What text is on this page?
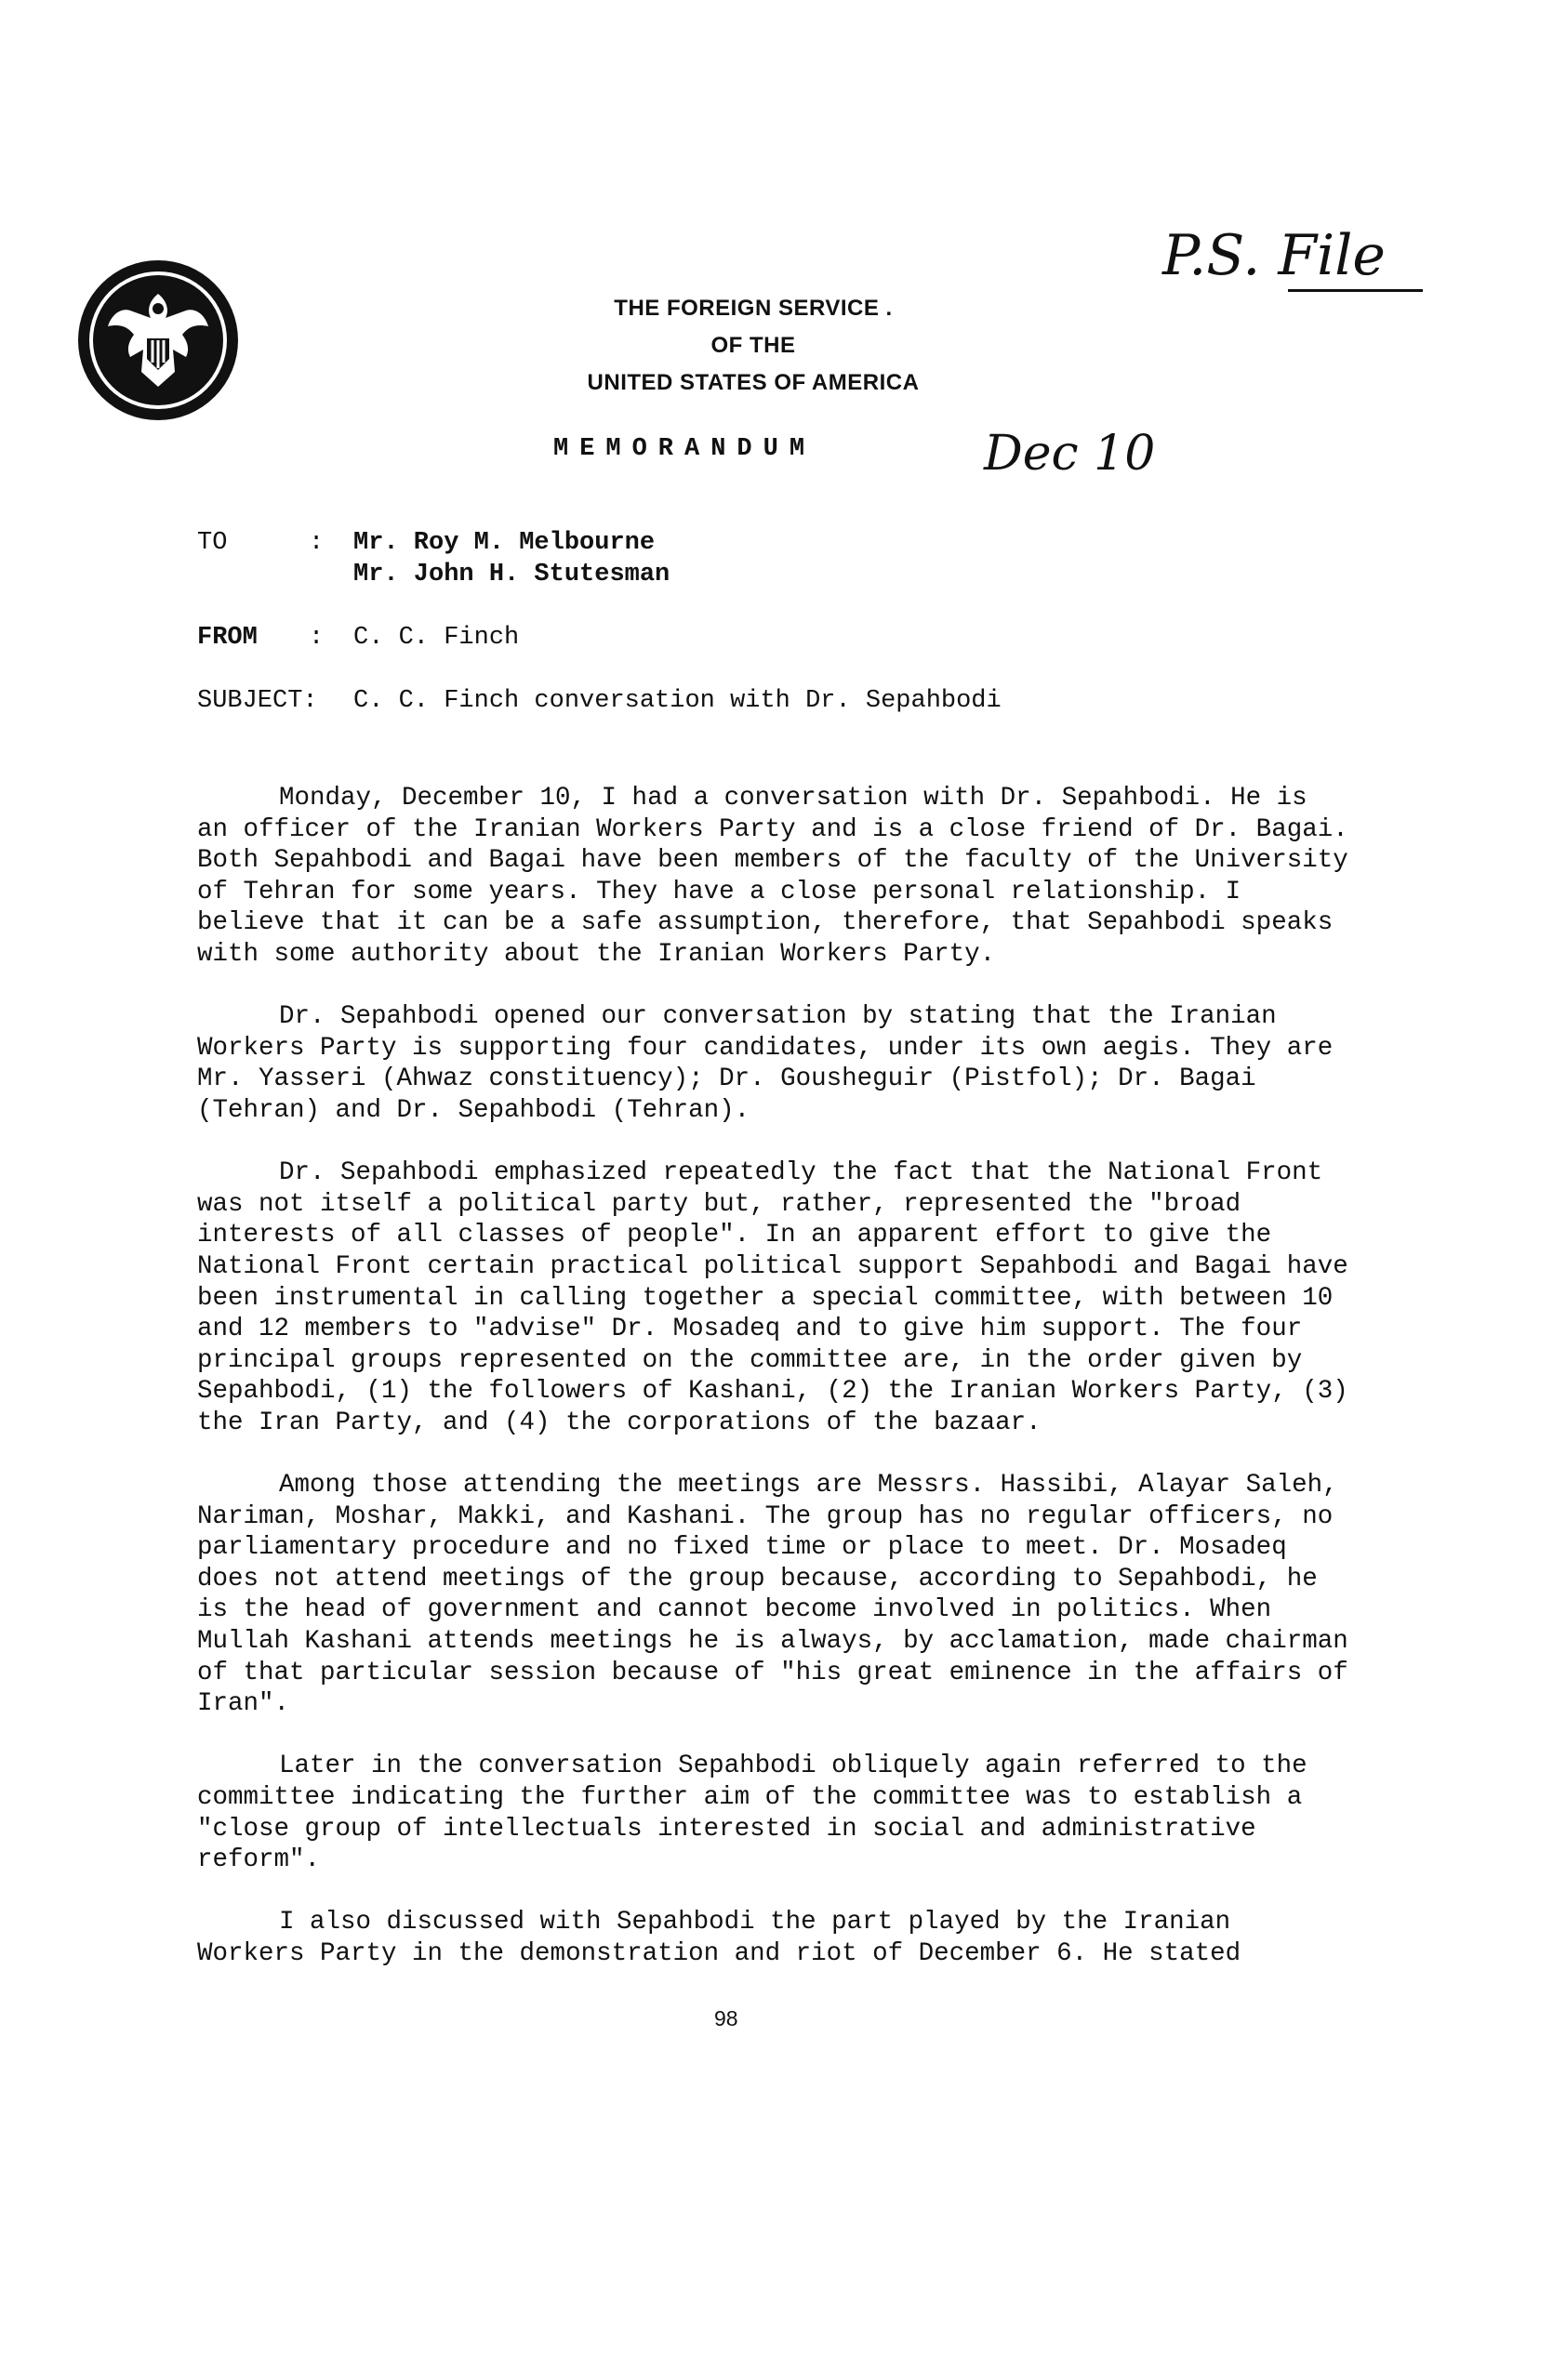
P.S. File
Dec 10
THE FOREIGN SERVICE .
OF THE
UNITED STATES OF AMERICA
MEMORANDUM
TO	: Mr. Roy M. Melbourne
Mr. John H. Stutesman
FROM : C. C. Finch
SUBJECT: C. C. Finch conversation with Dr. Sepahbodi

Monday, December 10, I had a conversation with Dr. Sepahbodi. He is an officer of the Iranian Workers Party and is a close friend of Dr. Bagai. Both Sepahbodi and Bagai have been members of the faculty of the University of Tehran for some years. They have a close personal relationship. I believe that it can be a safe assumption, therefore, that Sepahbodi speaks with some authority about the Iranian Workers Party.

Dr. Sepahbodi opened our conversation by stating that the Iranian Workers Party is supporting four candidates, under its own aegis. They are Mr. Yasseri (Ahwaz constituency); Dr. Gousheguir (Pistfol); Dr. Bagai (Tehran) and Dr. Sepahbodi (Tehran).

Dr. Sepahbodi emphasized repeatedly the fact that the National Front was not itself a political party but, rather, represented the "broad interests of all classes of people". In an apparent effort to give the National Front certain practical political support Sepahbodi and Bagai have been instrumental in calling together a special committee, with between 10 and 12 members to "advise" Dr. Mosadeq and to give him support. The four principal groups represented on the committee are, in the order given by Sepahbodi, (1) the followers of Kashani, (2) the Iranian Workers Party, (3) the Iran Party, and (4) the corporations of the bazaar.

Among those attending the meetings are Messrs. Hassibi, Alayar Saleh, Nariman, Moshar, Makki, and Kashani. The group has no regular officers, no parliamentary procedure and no fixed time or place to meet. Dr. Mosadeq does not attend meetings of the group because, according to Sepahbodi, he is the head of government and cannot become involved in politics. When Mullah Kashani attends meetings he is always, by acclamation, made chairman of that particular session because of "his great eminence in the affairs of Iran".

Later in the conversation Sepahbodi obliquely again referred to the committee indicating the further aim of the committee was to establish a "close group of intellectuals interested in social and administrative reform".

I also discussed with Sepahbodi the part played by the Iranian Workers Party in the demonstration and riot of December 6. He stated

98
